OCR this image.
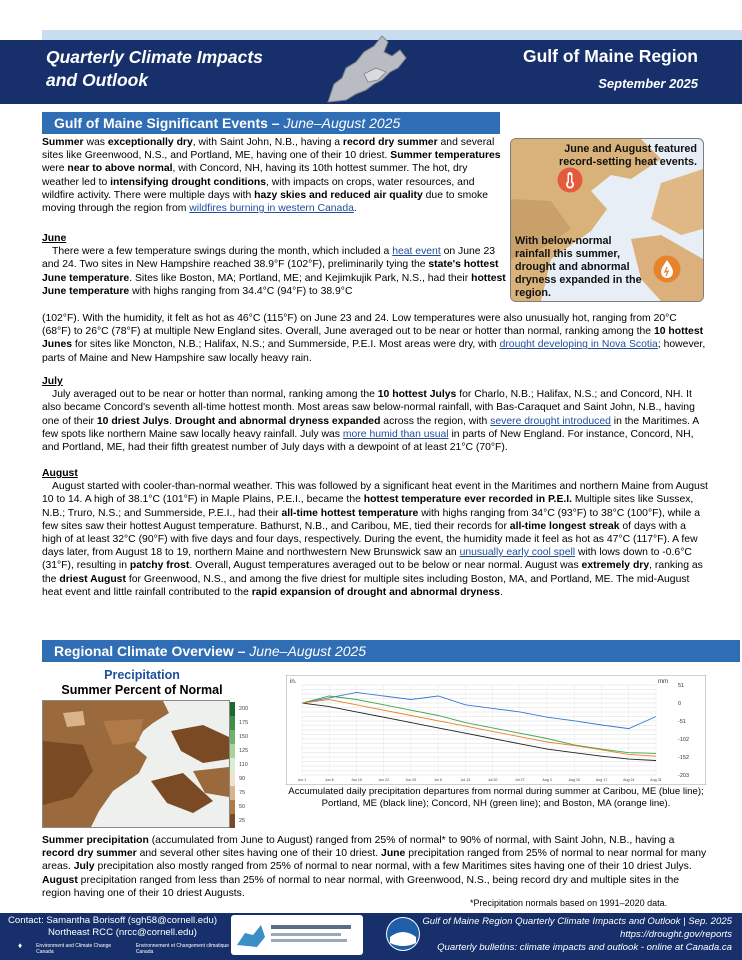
Quarterly Climate Impacts
and Outlook
Gulf of Maine Region
September 2025
Gulf of Maine Significant Events – June–August 2025
Summer was exceptionally dry, with Saint John, N.B., having a record dry summer and several sites like Greenwood, N.S., and Portland, ME, having one of their 10 driest. Summer temperatures were near to above normal, with Concord, NH, having its 10th hottest summer. The hot, dry weather led to intensifying drought conditions, with impacts on crops, water resources, and wildfire activity. There were multiple days with hazy skies and reduced air quality due to smoke moving through the region from wildfires burning in western Canada.
June and August featured record-setting heat events.
With below-normal rainfall this summer, drought and abnormal dryness expanded in the region.
June

There were a few temperature swings during the month, which included a heat event on June 23 and 24. Two sites in New Hampshire reached 38.9°F (102°F), preliminarily tying the state's hottest June temperature. Sites like Boston, MA; Portland, ME; and Kejimkujik Park, N.S., had their hottest June temperature with highs ranging from 34.4°C (94°F) to 38.9°C

(102°F). With the humidity, it felt as hot as 46°C (115°F) on June 23 and 24. Low temperatures were also unusually hot, ranging from 20°C (68°F) to 26°C (78°F) at multiple New England sites. Overall, June averaged out to be near or hotter than normal, ranking among the 10 hottest Junes for sites like Moncton, N.B.; Halifax, N.S.; and Summerside, P.E.I. Most areas were dry, with drought developing in Nova Scotia; however, parts of Maine and New Hampshire saw locally heavy rain.
July

July averaged out to be near or hotter than normal, ranking among the 10 hottest Julys for Charlo, N.B.; Halifax, N.S.; and Concord, NH. It also became Concord's seventh all-time hottest month. Most areas saw below-normal rainfall, with Bas-Caraquet and Saint John, N.B., having one of their 10 driest Julys. Drought and abnormal dryness expanded across the region, with severe drought introduced in the Maritimes. A few spots like northern Maine saw locally heavy rainfall. July was more humid than usual in parts of New England. For instance, Concord, NH, and Portland, ME, had their fifth greatest number of July days with a dewpoint of at least 21°C (70°F).

August

August started with cooler-than-normal weather. This was followed by a significant heat event in the Maritimes and northern Maine from August 10 to 14. A high of 38.1°C (101°F) in Maple Plains, P.E.I., became the hottest temperature ever recorded in P.E.I. Multiple sites like Sussex, N.B.; Truro, N.S.; and Summerside, P.E.I., had their all-time hottest temperature with highs ranging from 34°C (93°F) to 38°C (100°F), while a few sites saw their hottest August temperature. Bathurst, N.B., and Caribou, ME, tied their records for all-time longest streak of days with a high of at least 32°C (90°F) with five days and four days, respectively. During the event, the humidity made it feel as hot as 47°C (117°F). A few days later, from August 18 to 19, northern Maine and northwestern New Brunswick saw an unusually early cool spell with lows down to -0.6°C (31°F), resulting in patchy frost. Overall, August temperatures averaged out to be below or near normal. August was extremely dry, ranking as the driest August for Greenwood, N.S., and among the five driest for multiple sites including Boston, MA, and Portland, ME. The mid-August heat event and little rainfall contributed to the rapid expansion of drought and abnormal dryness.

Regional Climate Overview – June–August 2025
Precipitation
Summer Percent of Normal
200
175
150
125
110
90
75
50
25
Jun 1	Jun 8	Jun 15	Jun 22	Jun 29	Jul 6	Jul 13	Jul 20	Jul 27	Aug 3	Aug 10	Aug 17	Aug 24	Aug 31
51
0
-51
-102
-152
-203
in.	mm
Accumulated daily precipitation departures from normal during summer at Caribou, ME (blue line); Portland, ME (black line); Concord, NH (green line); and Boston, MA (orange line).
Summer precipitation (accumulated from June to August) ranged from 25% of normal* to 90% of normal, with Saint John, N.B., having a record dry summer and several other sites having one of their 10 driest. June precipitation ranged from 25% of normal to near normal for many areas. July precipitation also mostly ranged from 25% of normal to near normal, with a few Maritimes sites having one of their 10 driest Julys. August precipitation ranged from less than 25% of normal to near normal, with Greenwood, N.S., being record dry and multiple sites in the region having one of their 10 driest Augusts.
*Precipitation normals based on 1991–2020 data.
Contact: Samantha Borisoff (sgh58@cornell.edu)
Northeast RCC (nrcc@cornell.edu)
♦	Environment and Climate Change Canada
Environnement et Changement climatique Canada
Gulf of Maine Region Quarterly Climate Impacts and Outlook | Sep. 2025
https://drought.gov/reports
Quarterly bulletins: climate impacts and outlook - online at Canada.ca
